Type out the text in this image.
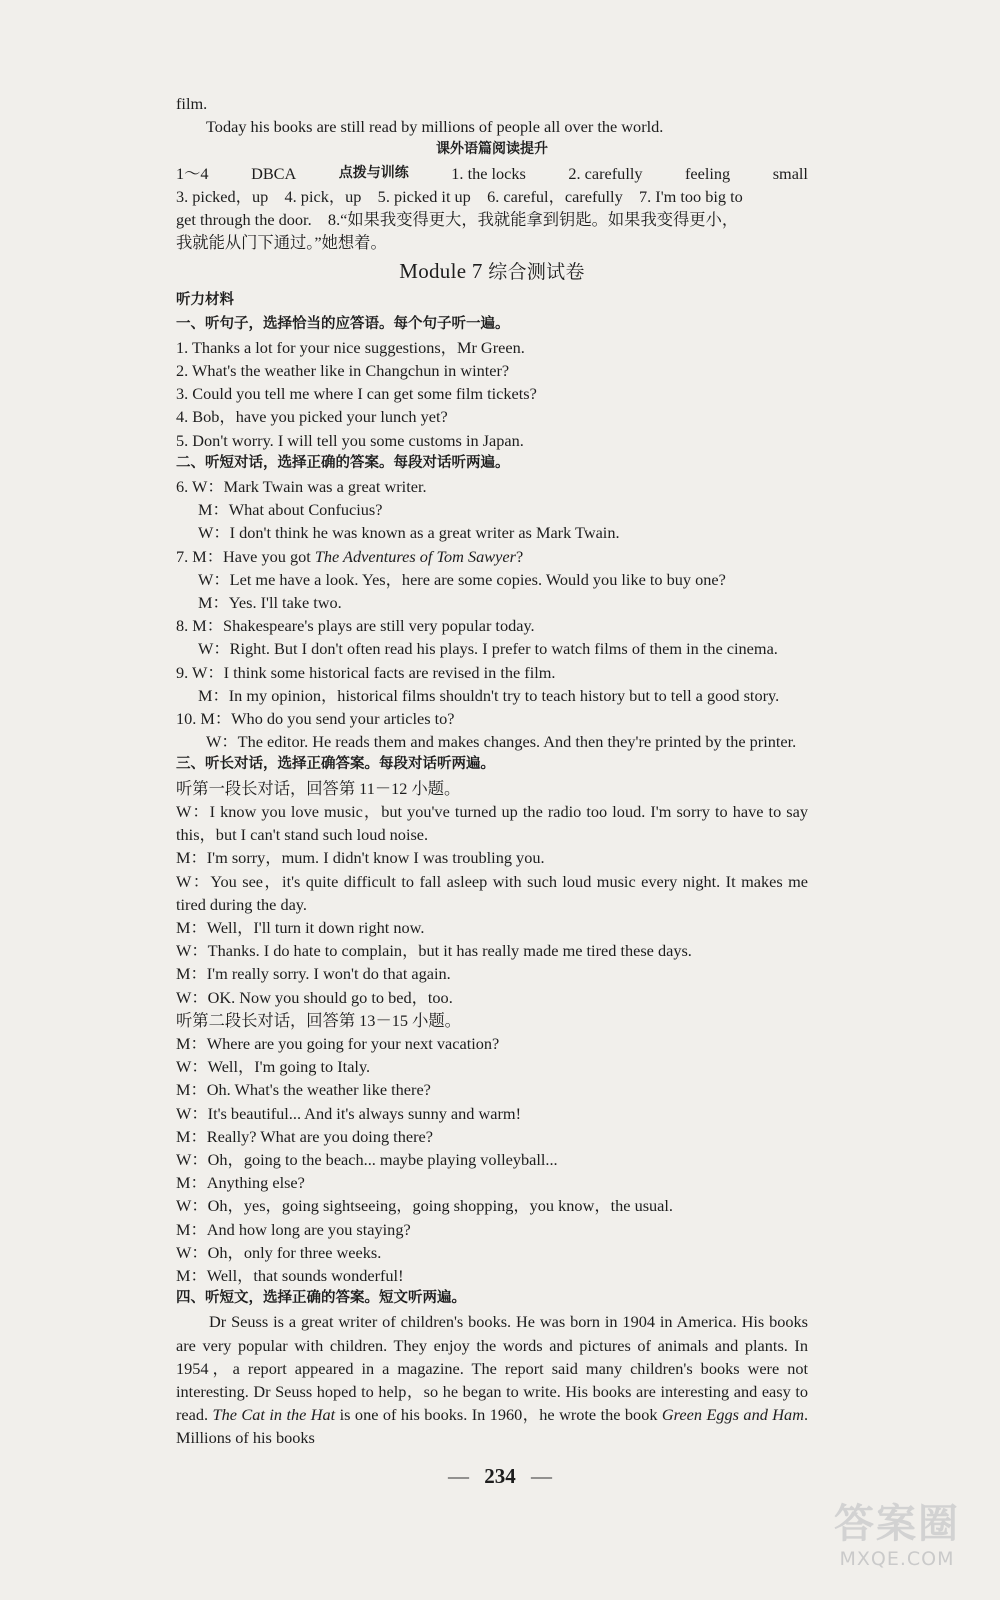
film.
Today his books are still read by millions of people all over the world.
课外语篇阅读提升
1～4	DBCA	点拨与训练	1. the locks	2. carefully	feeling	small
3. picked，up　4. pick，up　5. picked it up　6. careful，carefully　7. I'm too big to
get through the door.　8.“如果我变得更大，我就能拿到钥匙。如果我变得更小，
我就能从门下通过。”她想着。
Module 7 综合测试卷
听力材料
一、听句子，选择恰当的应答语。每个句子听一遍。
1. Thanks a lot for your nice suggestions，Mr Green.
2. What's the weather like in Changchun in winter?
3. Could you tell me where I can get some film tickets?
4. Bob，have you picked your lunch yet?
5. Don't worry. I will tell you some customs in Japan.
二、听短对话，选择正确的答案。每段对话听两遍。
6. W：Mark Twain was a great writer.
M：What about Confucius?
W：I don't think he was known as a great writer as Mark Twain.
7. M：Have you got The Adventures of Tom Sawyer?
W：Let me have a look. Yes，here are some copies. Would you like to buy one?
M：Yes. I'll take two.
8. M：Shakespeare's plays are still very popular today.
W：Right. But I don't often read his plays. I prefer to watch films of them in the cinema.
9. W：I think some historical facts are revised in the film.
M：In my opinion，historical films shouldn't try to teach history but to tell a good story.
10. M：Who do you send your articles to?
W：The editor. He reads them and makes changes. And then they're printed by the printer.
三、听长对话，选择正确答案。每段对话听两遍。
听第一段长对话，回答第 11－12 小题。
W：I know you love music，but you've turned up the radio too loud. I'm sorry to have to say this，but I can't stand such loud noise.
M：I'm sorry，mum. I didn't know I was troubling you.
W：You see，it's quite difficult to fall asleep with such loud music every night. It makes me tired during the day.
M：Well，I'll turn it down right now.
W：Thanks. I do hate to complain，but it has really made me tired these days.
M：I'm really sorry. I won't do that again.
W：OK. Now you should go to bed，too.
听第二段长对话，回答第 13－15 小题。
M：Where are you going for your next vacation?
W：Well，I'm going to Italy.
M：Oh. What's the weather like there?
W：It's beautiful... And it's always sunny and warm!
M：Really? What are you doing there?
W：Oh，going to the beach... maybe playing volleyball...
M：Anything else?
W：Oh，yes，going sightseeing，going shopping，you know，the usual.
M：And how long are you staying?
W：Oh，only for three weeks.
M：Well，that sounds wonderful!
四、听短文，选择正确的答案。短文听两遍。
Dr Seuss is a great writer of children's books. He was born in 1904 in America. His books are very popular with children. They enjoy the words and pictures of animals and plants. In 1954，a report appeared in a magazine. The report said many children's books were not interesting. Dr Seuss hoped to help，so he began to write. His books are interesting and easy to read. The Cat in the Hat is one of his books. In 1960，he wrote the book Green Eggs and Ham. Millions of his books
— 234 —
答案圈
MXQE.COM
